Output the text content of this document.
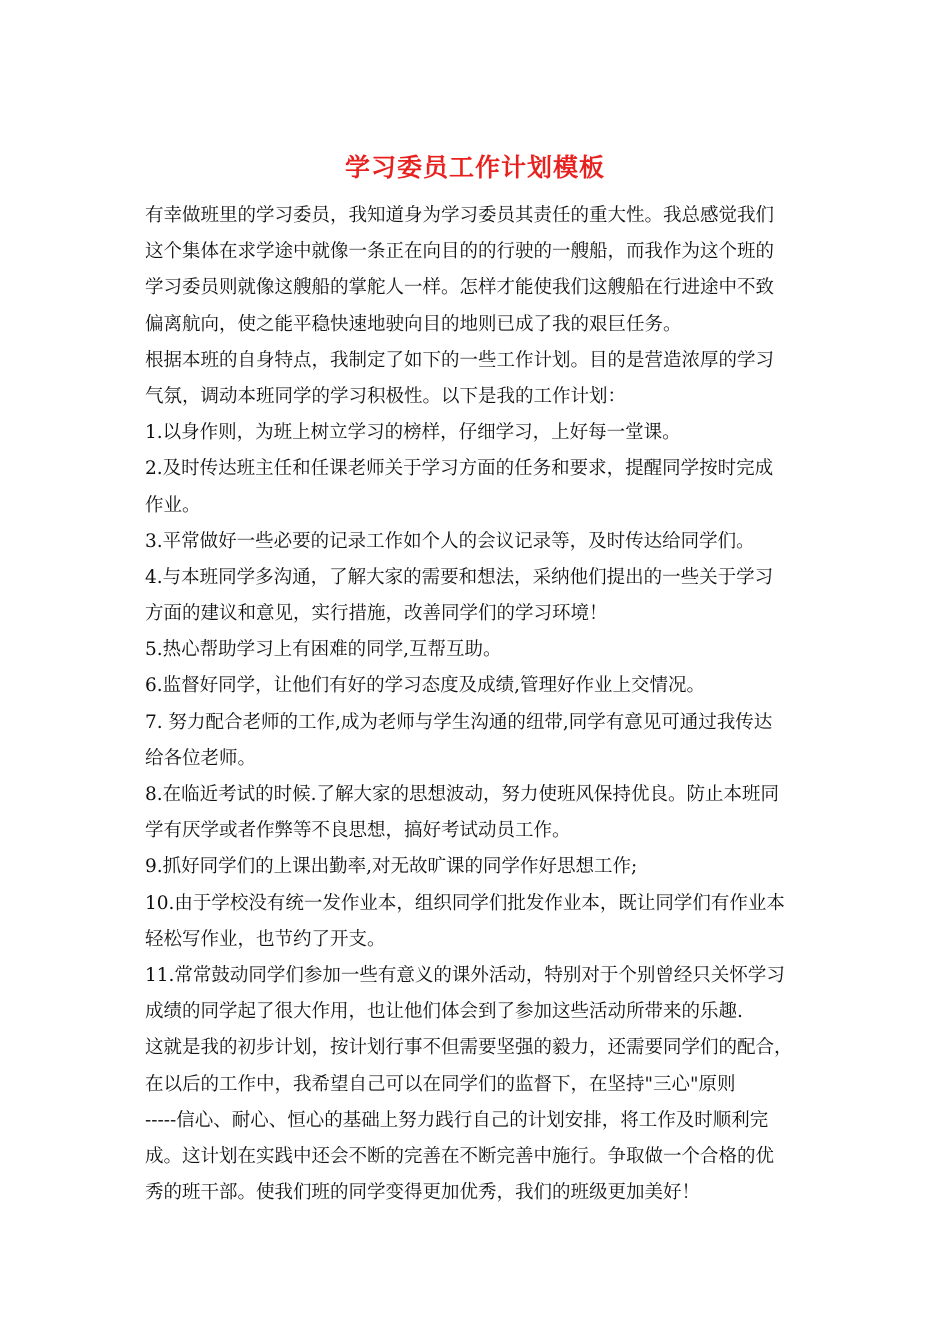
学习委员工作计划模板
有幸做班里的学习委员，我知道身为学习委员其责任的重大性。我总感觉我们
这个集体在求学途中就像一条正在向目的的行驶的一艘船，而我作为这个班的
学习委员则就像这艘船的掌舵人一样。怎样才能使我们这艘船在行进途中不致
偏离航向，使之能平稳快速地驶向目的地则已成了我的艰巨任务。
根据本班的自身特点，我制定了如下的一些工作计划。目的是营造浓厚的学习
气氛，调动本班同学的学习积极性。以下是我的工作计划：
1.以身作则，为班上树立学习的榜样，仔细学习，上好每一堂课。
2.及时传达班主任和任课老师关于学习方面的任务和要求，提醒同学按时完成
作业。
3.平常做好一些必要的记录工作如个人的会议记录等，及时传达给同学们。
4.与本班同学多沟通，了解大家的需要和想法，采纳他们提出的一些关于学习
方面的建议和意见，实行措施，改善同学们的学习环境！
5.热心帮助学习上有困难的同学,互帮互助。
6.监督好同学，让他们有好的学习态度及成绩,管理好作业上交情况。
7. 努力配合老师的工作,成为老师与学生沟通的纽带,同学有意见可通过我传达
给各位老师。
8.在临近考试的时候.了解大家的思想波动，努力使班风保持优良。防止本班同
学有厌学或者作弊等不良思想，搞好考试动员工作。
9.抓好同学们的上课出勤率,对无故旷课的同学作好思想工作;
10.由于学校没有统一发作业本，组织同学们批发作业本，既让同学们有作业本
轻松写作业，也节约了开支。
11.常常鼓动同学们参加一些有意义的课外活动，特别对于个别曾经只关怀学习
成绩的同学起了很大作用，也让他们体会到了参加这些活动所带来的乐趣.
这就是我的初步计划，按计划行事不但需要坚强的毅力，还需要同学们的配合，
在以后的工作中，我希望自己可以在同学们的监督下，在坚持"三心"原则
-----信心、耐心、恒心的基础上努力践行自己的计划安排，将工作及时顺利完
成。这计划在实践中还会不断的完善在不断完善中施行。争取做一个合格的优
秀的班干部。使我们班的同学变得更加优秀，我们的班级更加美好！
